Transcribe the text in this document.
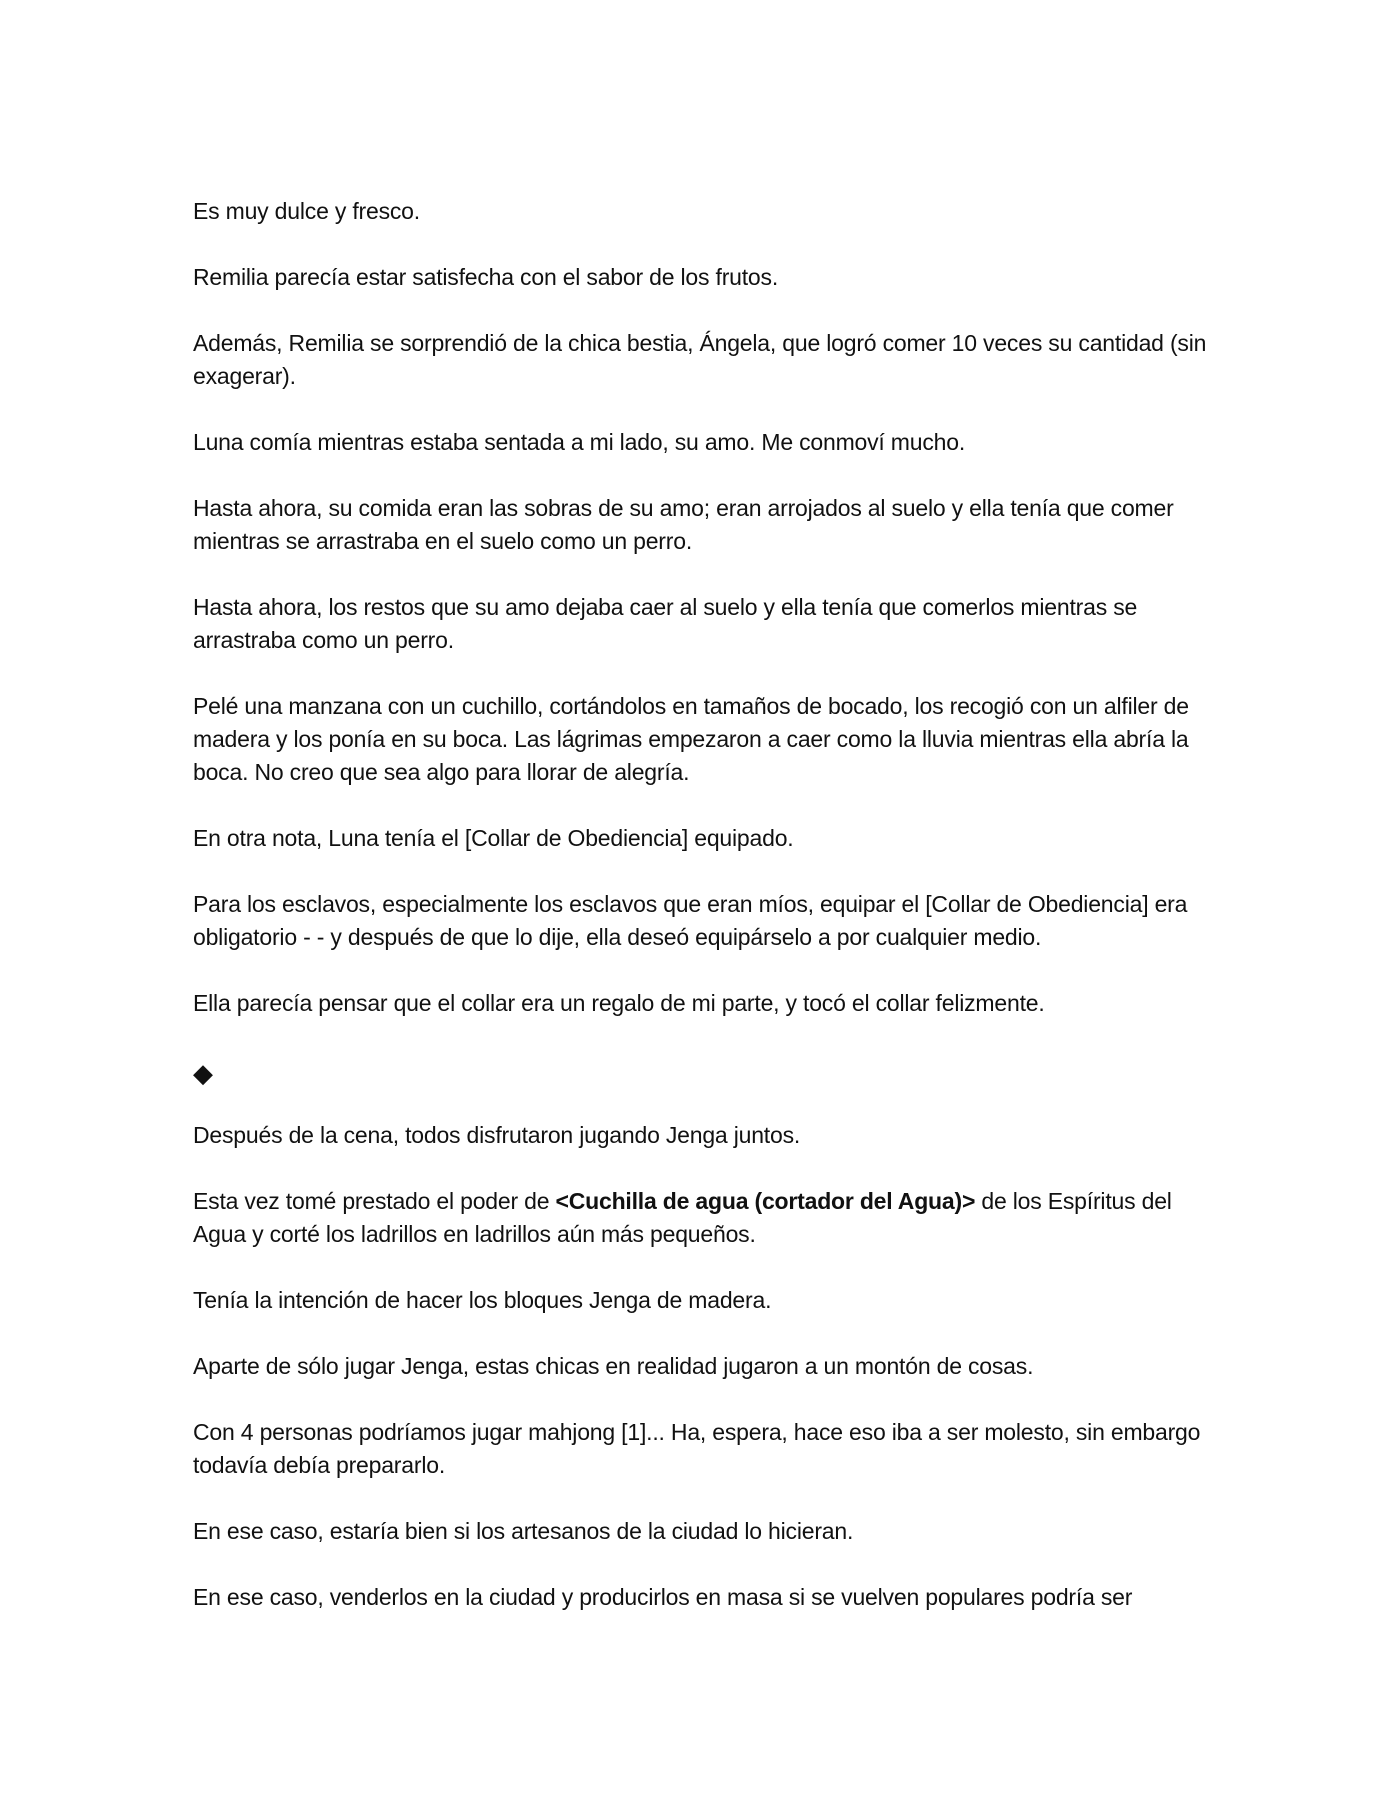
Es muy dulce y fresco.

Remilia parecía estar satisfecha con el sabor de los frutos.

Además, Remilia se sorprendió de la chica bestia, Ángela, que logró comer 10 veces su cantidad (sin exagerar).

Luna comía mientras estaba sentada a mi lado, su amo. Me conmoví mucho.

Hasta ahora, su comida eran las sobras de su amo; eran arrojados al suelo y ella tenía que comer mientras se arrastraba en el suelo como un perro.

Hasta ahora, los restos que su amo dejaba caer al suelo y ella tenía que comerlos mientras se arrastraba como un perro.

Pelé una manzana con un cuchillo, cortándolos en tamaños de bocado, los recogió con un alfiler de madera y los ponía en su boca. Las lágrimas empezaron a caer como la lluvia mientras ella abría la boca. No creo que sea algo para llorar de alegría.

En otra nota, Luna tenía el [Collar de Obediencia] equipado.

Para los esclavos, especialmente los esclavos que eran míos, equipar el [Collar de Obediencia] era obligatorio - - y después de que lo dije, ella deseó equipárselo a por cualquier medio.

Ella parecía pensar que el collar era un regalo de mi parte, y tocó el collar felizmente.

◆

Después de la cena, todos disfrutaron jugando Jenga juntos.

Esta vez tomé prestado el poder de <Cuchilla de agua (cortador del Agua)> de los Espíritus del Agua y corté los ladrillos en ladrillos aún más pequeños.

Tenía la intención de hacer los bloques Jenga de madera.

Aparte de sólo jugar Jenga, estas chicas en realidad jugaron a un montón de cosas.

Con 4 personas podríamos jugar mahjong [1]... Ha, espera, hace eso iba a ser molesto, sin embargo todavía debía prepararlo.

En ese caso, estaría bien si los artesanos de la ciudad lo hicieran.

En ese caso, venderlos en la ciudad y producirlos en masa si se vuelven populares podría ser
